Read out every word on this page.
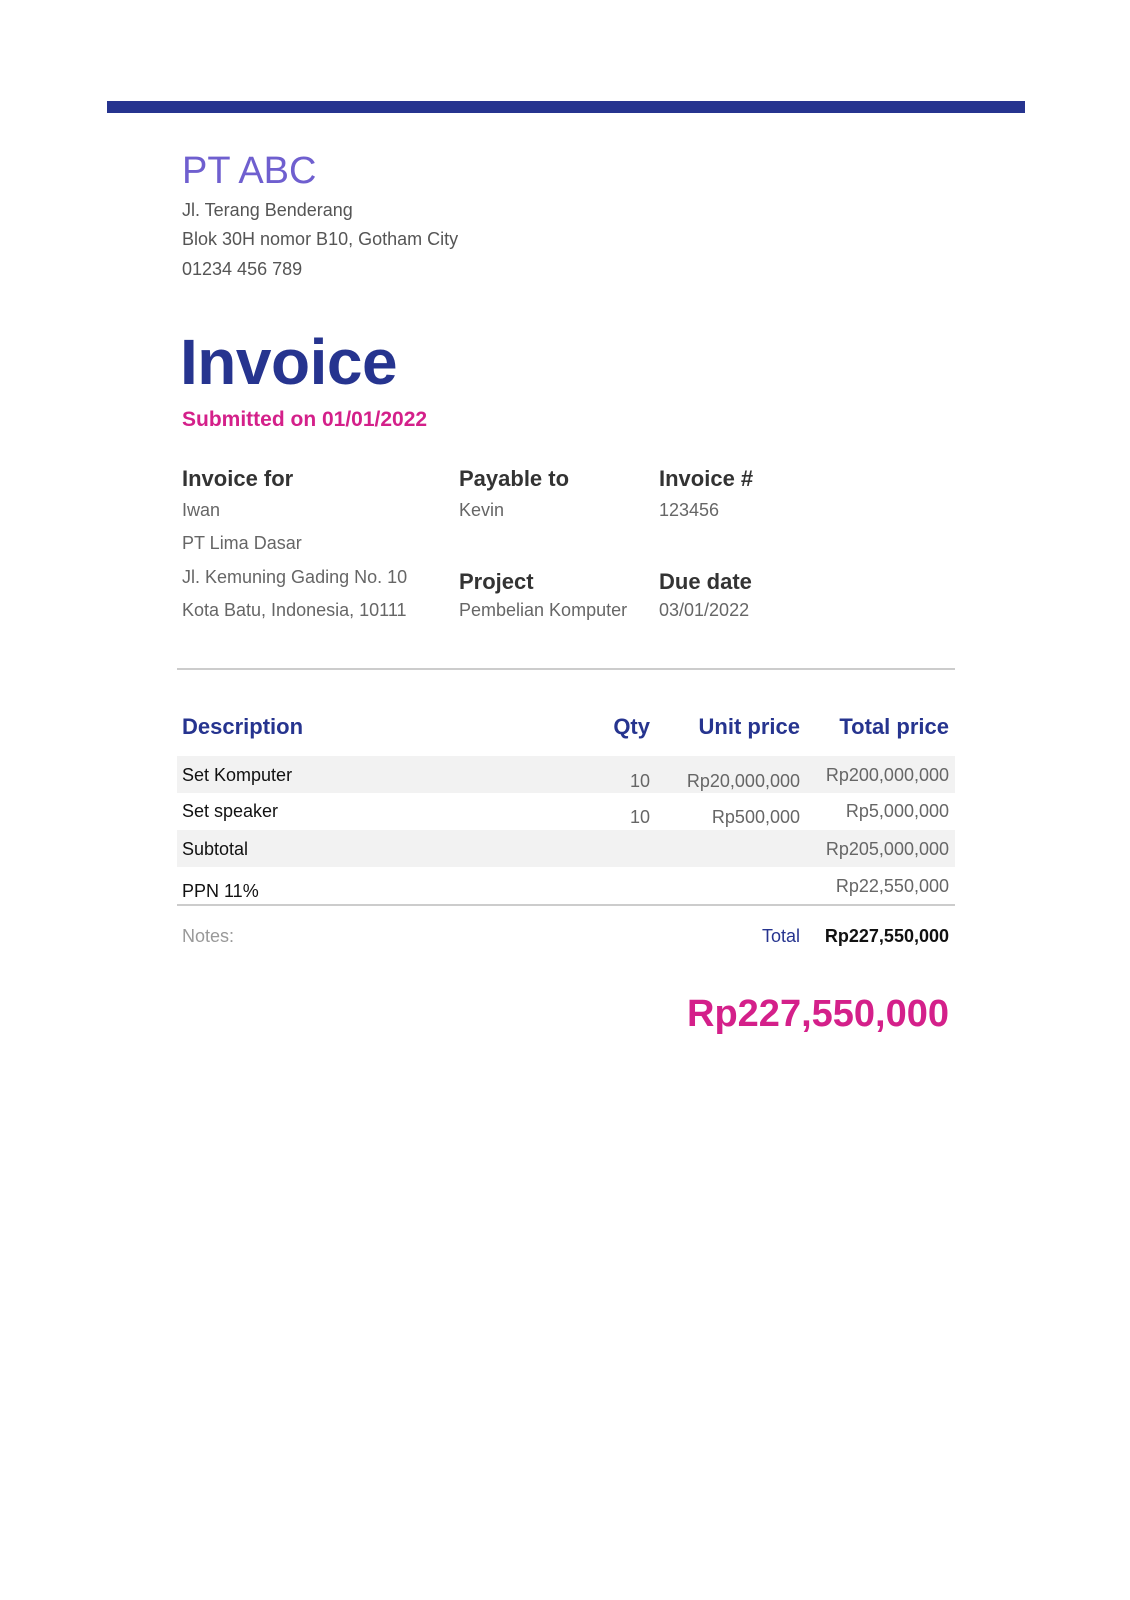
PT ABC
Jl. Terang Benderang
Blok 30H nomor B10, Gotham City
01234 456 789
Invoice
Submitted on 01/01/2022
Invoice for
Iwan
PT Lima Dasar
Jl. Kemuning Gading No. 10
Kota Batu, Indonesia, 10111
Payable to
Kevin
Invoice #
123456
Project
Pembelian Komputer
Due date
03/01/2022
Description	Qty	Unit price	Total price
Set Komputer	10	Rp20,000,000	Rp200,000,000
Set speaker	10	Rp500,000	Rp5,000,000
Subtotal	Rp205,000,000
PPN 11%	Rp22,550,000
Notes:	Total	Rp227,550,000
Rp227,550,000
